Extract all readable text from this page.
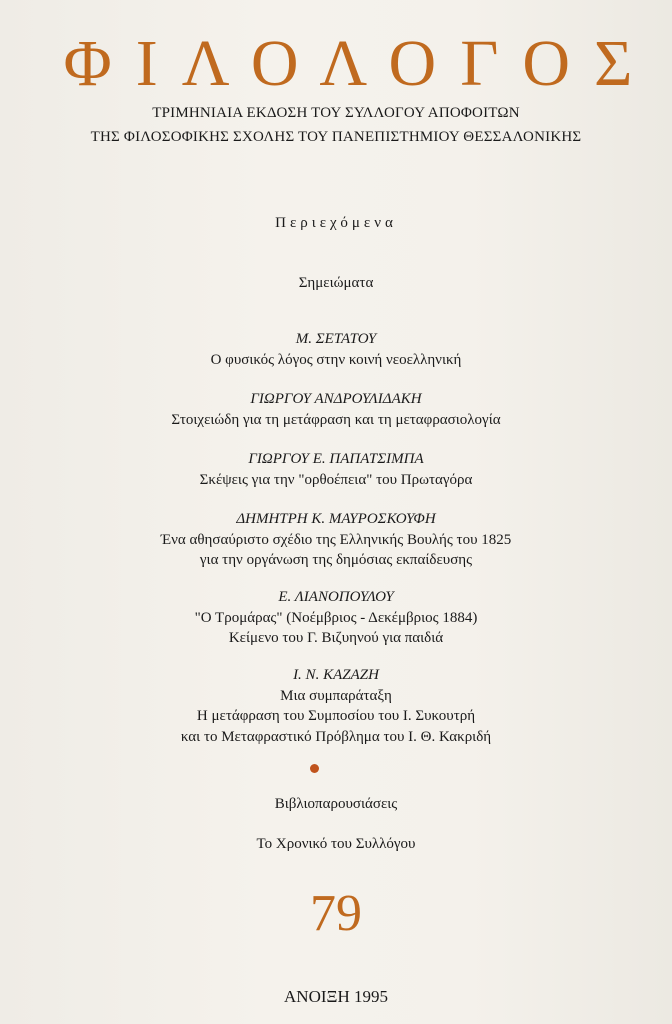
ΦΙΛΟΛΟΓΟΣ
ΤΡΙΜΗΝΙΑΙΑ ΕΚΔΟΣΗ ΤΟΥ ΣΥΛΛΟΓΟΥ ΑΠΟΦΟΙΤΩΝ
ΤΗΣ ΦΙΛΟΣΟΦΙΚΗΣ ΣΧΟΛΗΣ ΤΟΥ ΠΑΝΕΠΙΣΤΗΜΙΟΥ ΘΕΣΣΑΛΟΝΙΚΗΣ
Περιεχόμενα
Σημειώματα
Μ. ΣΕΤΑΤΟΥ
Ο φυσικός λόγος στην κοινή νεοελληνική
ΓΙΩΡΓΟΥ ΑΝΔΡΟΥΛΙΔΑΚΗ
Στοιχειώδη για τη μετάφραση και τη μεταφρασιολογία
ΓΙΩΡΓΟΥ Ε. ΠΑΠΑΤΣΙΜΠΑ
Σκέψεις για την "ορθοέπεια" του Πρωταγόρα
ΔΗΜΗΤΡΗ Κ. ΜΑΥΡΟΣΚΟΥΦΗ
Ένα αθησαύριστο σχέδιο της Ελληνικής Βουλής του 1825
για την οργάνωση της δημόσιας εκπαίδευσης
Ε. ΛΙΑΝΟΠΟΥΛΟΥ
"Ο Τρομάρας" (Νοέμβριος - Δεκέμβριος 1884)
Κείμενο του Γ. Βιζυηνού για παιδιά
Ι. Ν. ΚΑΖΑΖΗ
Μια συμπαράταξη
Η μετάφραση του Συμποσίου του Ι. Συκουτρή
και το Μεταφραστικό Πρόβλημα του Ι. Θ. Κακριδή
Βιβλιοπαρουσιάσεις
Το Χρονικό του Συλλόγου
79
ΑΝΟΙΞΗ 1995
